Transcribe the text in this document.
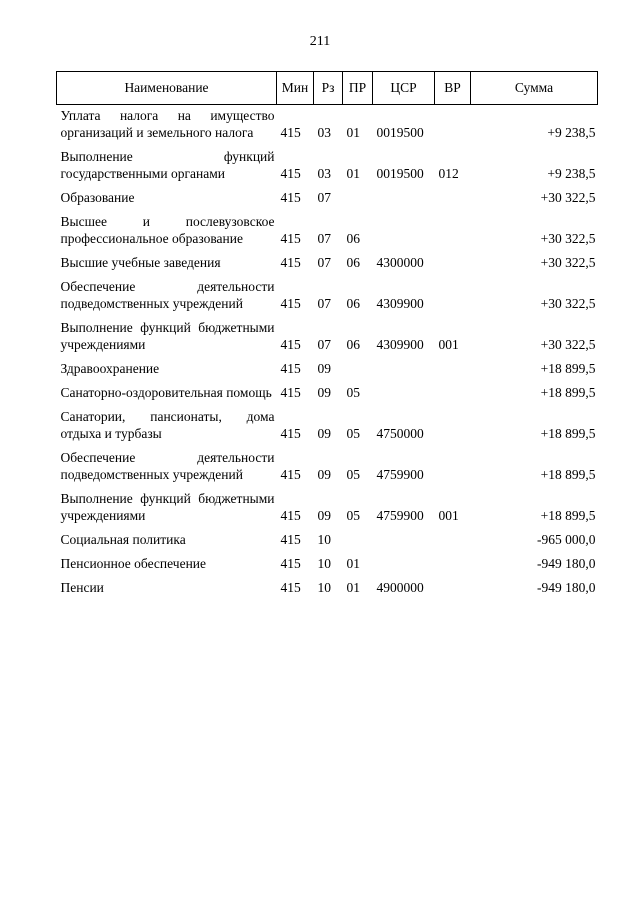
211
Наименование	Мин	Рз	ПР	ЦСР	ВР	Сумма
Уплата налога на имущество организаций и земельного налога	415	03	01	0019500		+9 238,5
Выполнение функций государственными органами	415	03	01	0019500	012	+9 238,5
Образование	415	07				+30 322,5
Высшее и послевузовское профессиональное образование	415	07	06			+30 322,5
Высшие учебные заведения	415	07	06	4300000		+30 322,5
Обеспечение деятельности подведомственных учреждений	415	07	06	4309900		+30 322,5
Выполнение функций бюджетными учреждениями	415	07	06	4309900	001	+30 322,5
Здравоохранение	415	09				+18 899,5
Санаторно-оздоровительная помощь	415	09	05			+18 899,5
Санатории, пансионаты, дома отдыха и турбазы	415	09	05	4750000		+18 899,5
Обеспечение деятельности подведомственных учреждений	415	09	05	4759900		+18 899,5
Выполнение функций бюджетными учреждениями	415	09	05	4759900	001	+18 899,5
Социальная политика	415	10				-965 000,0
Пенсионное обеспечение	415	10	01			-949 180,0
Пенсии	415	10	01	4900000		-949 180,0
